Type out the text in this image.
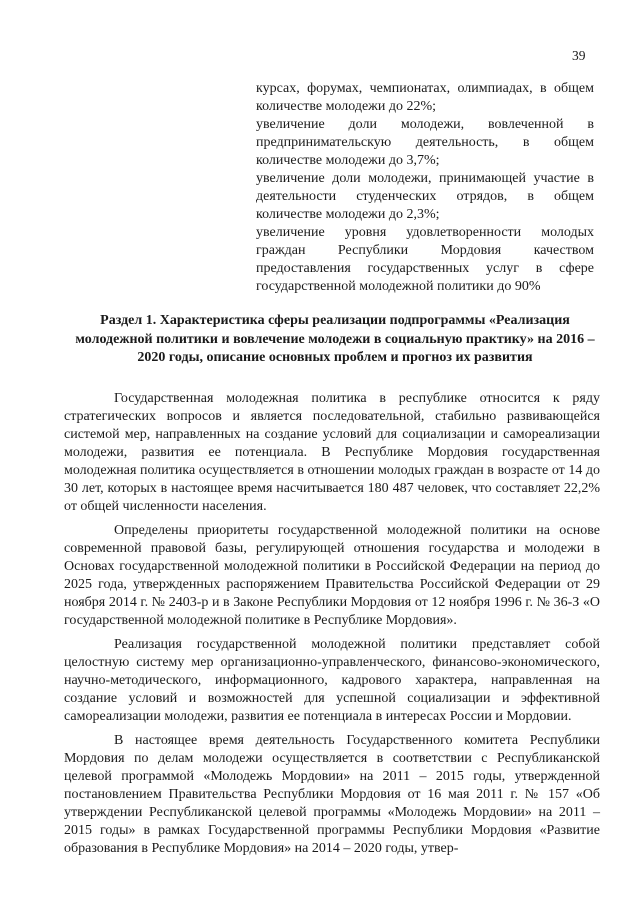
39

курсах, форумах, чемпионатах, олимпиадах, в общем количестве молодежи до 22%;

увеличение доли молодежи, вовлеченной в предпринимательскую деятельность, в общем количестве молодежи до 3,7%;

увеличение доли молодежи, принимающей участие в деятельности студенческих отрядов, в общем количестве молодежи до 2,3%;

увеличение уровня удовлетворенности молодых граждан Республики Мордовия качеством предоставления государственных услуг в сфере государственной молодежной политики до 90%

Раздел 1. Характеристика сферы реализации подпрограммы «Реализация молодежной политики и вовлечение молодежи в социальную практику» на 2016 – 2020 годы, описание основных проблем и прогноз их развития

Государственная молодежная политика в республике относится к ряду стратегических вопросов и является последовательной, стабильно развивающейся системой мер, направленных на создание условий для социализации и самореализации молодежи, развития ее потенциала. В Республике Мордовия государственная молодежная политика осуществляется в отношении молодых граждан в возрасте от 14 до 30 лет, которых в настоящее время насчитывается 180 487 человек, что составляет 22,2% от общей численности населения.

Определены приоритеты государственной молодежной политики на основе современной правовой базы, регулирующей отношения государства и молодежи в Основах государственной молодежной политики в Российской Федерации на период до 2025 года, утвержденных распоряжением Правительства Российской Федерации от 29 ноября 2014 г. № 2403-р и в Законе Республики Мордовия от 12 ноября 1996 г. № 36-З «О государственной молодежной политике в Республике Мордовия».

Реализация государственной молодежной политики представляет собой целостную систему мер организационно-управленческого, финансово-экономического, научно-методического, информационного, кадрового характера, направленная на создание условий и возможностей для успешной социализации и эффективной самореализации молодежи, развития ее потенциала в интересах России и Мордовии.

В настоящее время деятельность Государственного комитета Республики Мордовия по делам молодежи осуществляется в соответствии с Республиканской целевой программой «Молодежь Мордовии» на 2011 – 2015 годы, утвержденной постановлением Правительства Республики Мордовия от 16 мая 2011 г. № 157 «Об утверждении Республиканской целевой программы «Молодежь Мордовии» на 2011 – 2015 годы» в рамках Государственной программы Республики Мордовия «Развитие образования в Республике Мордовия» на 2014 – 2020 годы, утвер-
